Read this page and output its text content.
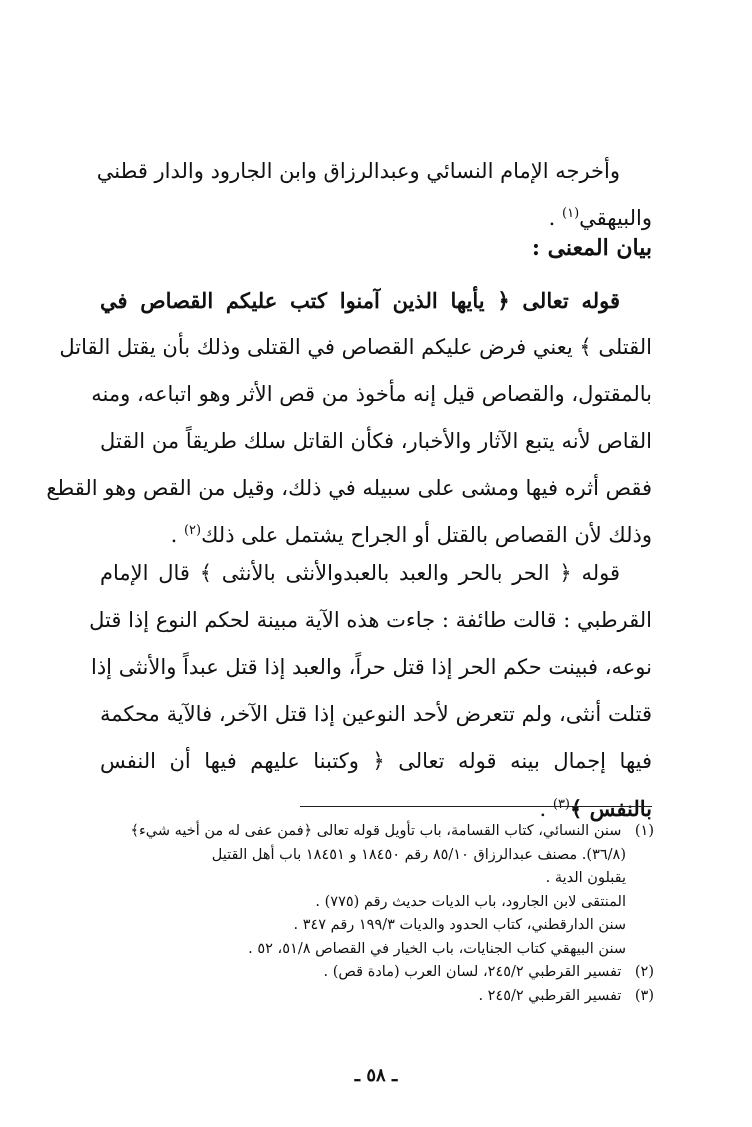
وأخرجه الإمام النسائي وعبدالرزاق وابن الجارود والدار قطني
والبيهقي$^{(١)}$ .
بيان المعنى :
قوله تعالى ﴿ يأيها الذين آمنوا كتب عليكم القصاص في
القتلى ﴾ يعني فرض عليكم القصاص في القتلى وذلك بأن يقتل القاتل
بالمقتول، والقصاص قيل إنه مأخوذ من قص الأثر وهو اتباعه، ومنه
القاص لأنه يتبع الآثار والأخبار، فكأن القاتل سلك طريقاً من القتل
فقص أثره فيها ومشى على سبيله في ذلك، وقيل من القص وهو القطع
وذلك لأن القصاص بالقتل أو الجراح يشتمل على ذلك$^{(٢)}$ .
قوله ﴿ الحر بالحر والعبد بالعبدوالأنثى بالأنثى ﴾ قال الإمام
القرطبي : قالت طائفة : جاءت هذه الآية مبينة لحكم النوع إذا قتل
نوعه، فبينت حكم الحر إذا قتل حراً، والعبد إذا قتل عبداً والأنثى إذا
قتلت أنثى، ولم تتعرض لأحد النوعين إذا قتل الآخر، فالآية محكمة
فيها إجمال بينه قوله تعالى ﴿ وكتبنا عليهم فيها أن النفس
بالنفس ﴾$^{(٣)}$ .
(١) سنن النسائي، كتاب القسامة، باب تأويل قوله تعالى ﴿فمن عفى له من أخيه شيء﴾
(٣٦/٨). مصنف عبدالرزاق ٨٥/١٠ رقم ١٨٤٥٠ و ١٨٤٥١ باب أهل القتيل
يقبلون الدية .
المنتقى لابن الجارود، باب الديات حديث رقم (٧٧٥) .
سنن الدارقطني، كتاب الحدود والديات ١٩٩/٣ رقم ٣٤٧ .
سنن البيهقي كتاب الجنايات، باب الخيار في القصاص ٥١/٨، ٥٢ .
(٢) تفسير القرطبي ٢٤٥/٢، لسان العرب (مادة قص) .
(٣) تفسير القرطبي ٢٤٥/٢ .
ـ ٥٨ ـ
